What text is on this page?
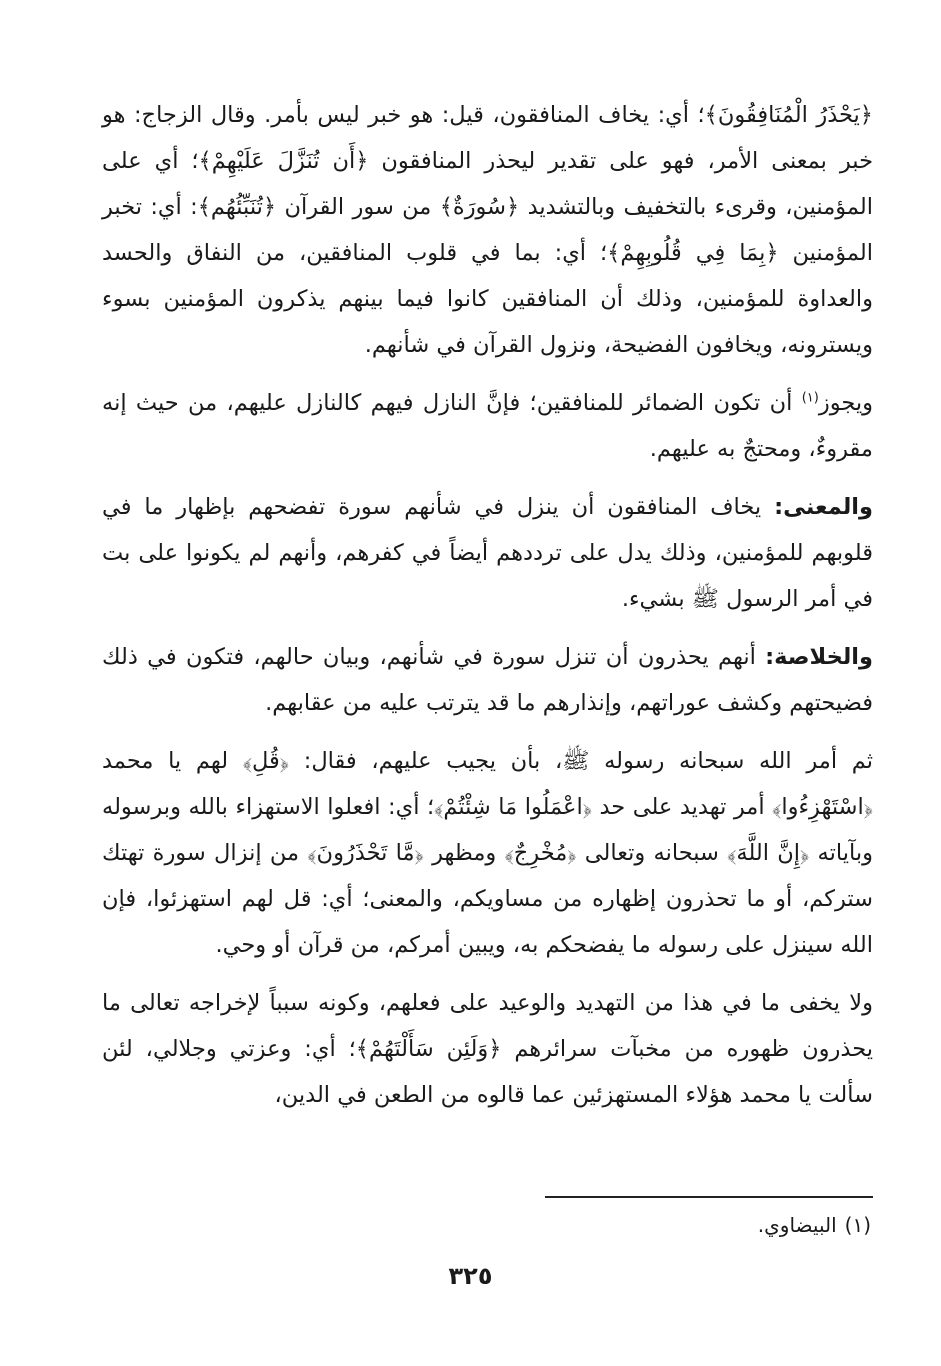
﴿يَحْذَرُ الْمُنَافِقُونَ﴾؛ أي: يخاف المنافقون، قيل: هو خبر ليس بأمر. وقال الزجاج: هو خبر بمعنى الأمر، فهو على تقدير ليحذر المنافقون ﴿أَن تُنَزَّلَ عَلَيْهِمْ﴾؛ أي على المؤمنين، وقرىء بالتخفيف وبالتشديد ﴿سُورَةٌ﴾ من سور القرآن ﴿تُنَبِّئُهُم﴾: أي: تخبر المؤمنين ﴿بِمَا فِي قُلُوبِهِمْ﴾؛ أي: بما في قلوب المنافقين، من النفاق والحسد والعداوة للمؤمنين، وذلك أن المنافقين كانوا فيما بينهم يذكرون المؤمنين بسوء ويسترونه، ويخافون الفضيحة، ونزول القرآن في شأنهم.

ويجوز$^{(١)}$ أن تكون الضمائر للمنافقين؛ فإنَّ النازل فيهم كالنازل عليهم، من حيث إنه مقروءٌ، ومحتجٌ به عليهم.

والمعنى: يخاف المنافقون أن ينزل في شأنهم سورة تفضحهم بإظهار ما في قلوبهم للمؤمنين، وذلك يدل على ترددهم أيضاً في كفرهم، وأنهم لم يكونوا على بت في أمر الرسول ﷺ بشيء.

والخلاصة: أنهم يحذرون أن تنزل سورة في شأنهم، وبيان حالهم، فتكون في ذلك فضيحتهم وكشف عوراتهم، وإنذارهم ما قد يترتب عليه من عقابهم.

ثم أمر الله سبحانه رسوله ﷺ، بأن يجيب عليهم، فقال: ﴿قُلِ﴾ لهم يا محمد ﴿اسْتَهْزِءُوا﴾ أمر تهديد على حد ﴿اعْمَلُوا مَا شِئْتُمْ﴾؛ أي: افعلوا الاستهزاء بالله وبرسوله وبآياته ﴿إِنَّ اللَّهَ﴾ سبحانه وتعالى ﴿مُخْرِجٌ﴾ ومظهر ﴿مَّا تَحْذَرُونَ﴾ من إنزال سورة تهتك ستركم، أو ما تحذرون إظهاره من مساويكم، والمعنى؛ أي: قل لهم استهزئوا، فإن الله سينزل على رسوله ما يفضحكم به، ويبين أمركم، من قرآن أو وحي.

ولا يخفى ما في هذا من التهديد والوعيد على فعلهم، وكونه سبباً لإخراجه تعالى ما يحذرون ظهوره من مخبآت سرائرهم ﴿وَلَئِن سَأَلْتَهُمْ﴾؛ أي: وعزتي وجلالي، لئن سألت يا محمد هؤلاء المستهزئين عما قالوه من الطعن في الدين،

(١)البيضاوي.
٣٢٥
